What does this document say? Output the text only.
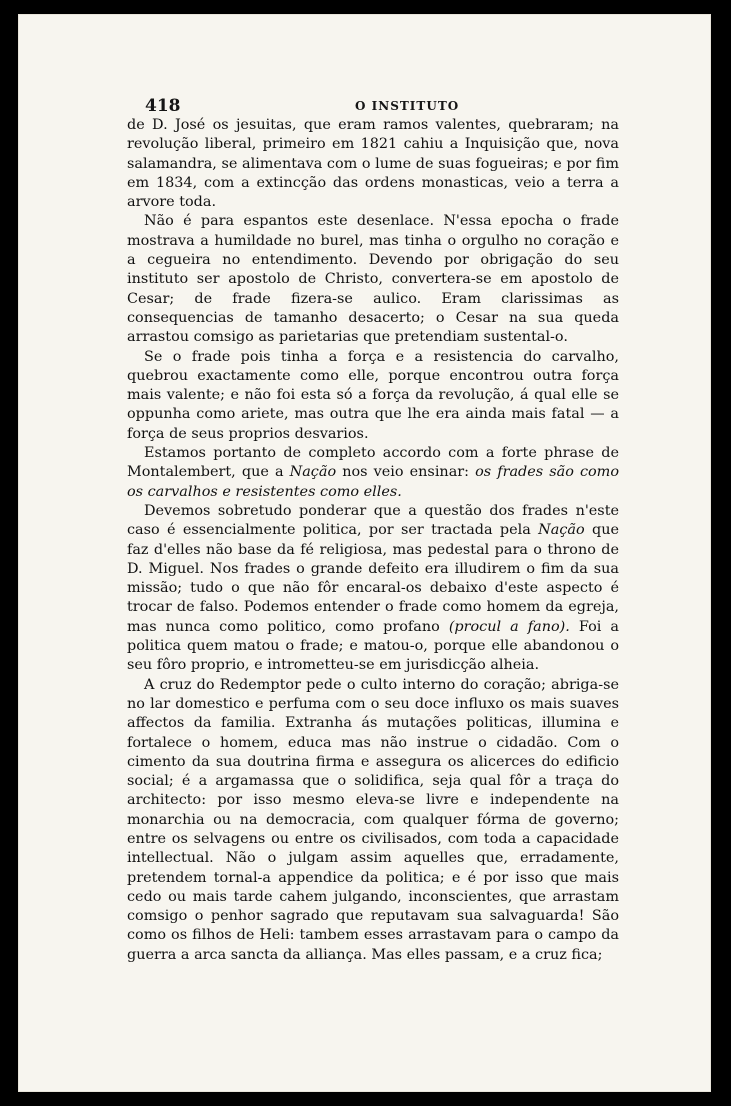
418	O INSTITUTO

de D. José os jesuitas, que eram ramos valentes, quebraram; na revolução liberal, primeiro em 1821 cahiu a Inquisição que, nova salamandra, se alimentava com o lume de suas fogueiras; e por fim em 1834, com a extincção das ordens monasticas, veio a terra a arvore toda.

Não é para espantos este desenlace. N'essa epocha o frade mostrava a humildade no burel, mas tinha o orgulho no coração e a cegueira no entendimento. Devendo por obrigação do seu instituto ser apostolo de Christo, convertera-se em apostolo de Cesar; de frade fizera-se aulico. Eram clarissimas as consequencias de tamanho desacerto; o Cesar na sua queda arrastou comsigo as parietarias que pretendiam sustental-o.

Se o frade pois tinha a força e a resistencia do carvalho, quebrou exactamente como elle, porque encontrou outra força mais valente; e não foi esta só a força da revolução, á qual elle se oppunha como ariete, mas outra que lhe era ainda mais fatal — a força de seus proprios desvarios.

Estamos portanto de completo accordo com a forte phrase de Montalembert, que a Nação nos veio ensinar: os frades são como os carvalhos e resistentes como elles.

Devemos sobretudo ponderar que a questão dos frades n'este caso é essencialmente politica, por ser tractada pela Nação que faz d'elles não base da fé religiosa, mas pedestal para o throno de D. Miguel. Nos frades o grande defeito era illudirem o fim da sua missão; tudo o que não fôr encaral-os debaixo d'este aspecto é trocar de falso. Podemos entender o frade como homem da egreja, mas nunca como politico, como profano (procul a fano). Foi a politica quem matou o frade; e matou-o, porque elle abandonou o seu fôro proprio, e intrometteu-se em jurisdicção alheia.

A cruz do Redemptor pede o culto interno do coração; abriga-se no lar domestico e perfuma com o seu doce influxo os mais suaves affectos da familia. Extranha ás mutações politicas, illumina e fortalece o homem, educa mas não instrue o cidadão. Com o cimento da sua doutrina firma e assegura os alicerces do edificio social; é a argamassa que o solidifica, seja qual fôr a traça do architecto: por isso mesmo eleva-se livre e independente na monarchia ou na democracia, com qualquer fórma de governo; entre os selvagens ou entre os civilisados, com toda a capacidade intellectual. Não o julgam assim aquelles que, erradamente, pretendem tornal-a appendice da politica; e é por isso que mais cedo ou mais tarde cahem julgando, inconscientes, que arrastam comsigo o penhor sagrado que reputavam sua salvaguarda! São como os filhos de Heli: tambem esses arrastavam para o campo da guerra a arca sancta da alliança. Mas elles passam, e a cruz fica;
